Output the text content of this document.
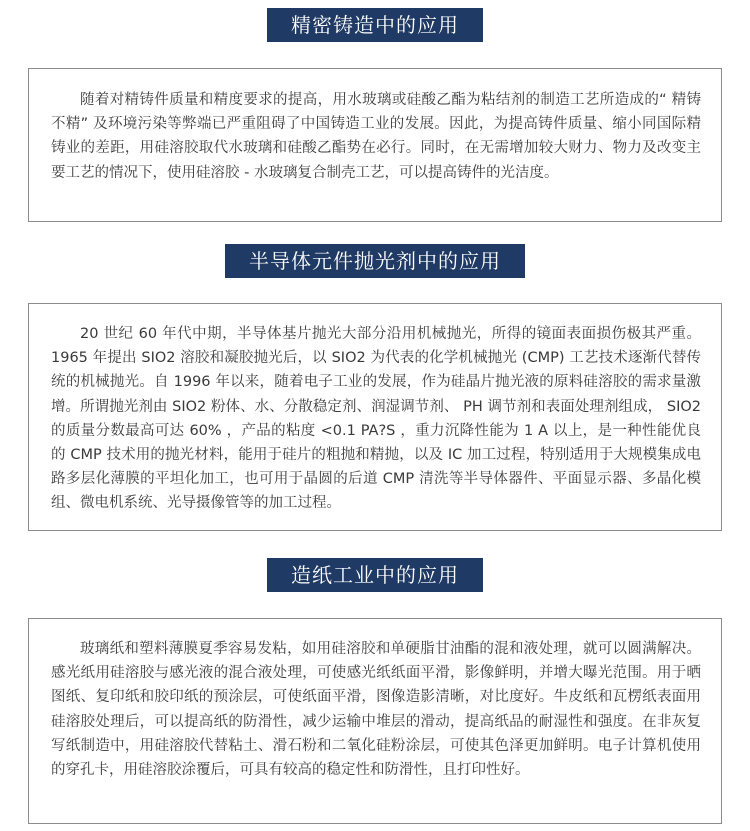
精密铸造中的应用

随着对精铸件质量和精度要求的提高，用水玻璃或硅酸乙酯为粘结剂的制造工艺所造成的“ 精铸不精” 及环境污染等弊端已严重阻碍了中国铸造工业的发展。因此，为提高铸件质量、缩小同国际精铸业的差距，用硅溶胶取代水玻璃和硅酸乙酯势在必行。同时，在无需增加较大财力、物力及改变主要工艺的情况下，使用硅溶胶 - 水玻璃复合制壳工艺，可以提高铸件的光洁度。

半导体元件抛光剂中的应用

20 世纪 60 年代中期，半导体基片抛光大部分沿用机械抛光，所得的镜面表面损伤极其严重。 1965 年提出 SIO2 溶胶和凝胶抛光后，以 SIO2 为代表的化学机械抛光 (CMP) 工艺技术逐渐代替传统的机械抛光。自 1996 年以来，随着电子工业的发展，作为硅晶片抛光液的原料硅溶胶的需求量激增。所谓抛光剂由 SIO2 粉体、水、分散稳定剂、润湿调节剂、 PH 调节剂和表面处理剂组成， SIO2 的质量分数最高可达 60% ，产品的粘度 <0.1 PA?S ，重力沉降性能为 1 A 以上，是一种性能优良的 CMP 技术用的抛光材料，能用于硅片的粗抛和精抛，以及 IC 加工过程，特别适用于大规模集成电路多层化薄膜的平坦化加工，也可用于晶圆的后道 CMP 清洗等半导体器件、平面显示器、多晶化模组、微电机系统、光导摄像管等的加工过程。

造纸工业中的应用

玻璃纸和塑料薄膜夏季容易发粘，如用硅溶胶和单硬脂甘油酯的混和液处理，就可以圆满解决。感光纸用硅溶胶与感光液的混合液处理，可使感光纸纸面平滑，影像鲜明，并增大曝光范围。用于晒图纸、复印纸和胶印纸的预涂层，可使纸面平滑，图像造影清晰，对比度好。牛皮纸和瓦楞纸表面用硅溶胶处理后，可以提高纸的防滑性，减少运输中堆层的滑动，提高纸品的耐湿性和强度。在非灰复写纸制造中，用硅溶胶代替粘土、滑石粉和二氧化硅粉涂层，可使其色泽更加鲜明。电子计算机使用的穿孔卡，用硅溶胶涂覆后，可具有较高的稳定性和防滑性，且打印性好。
